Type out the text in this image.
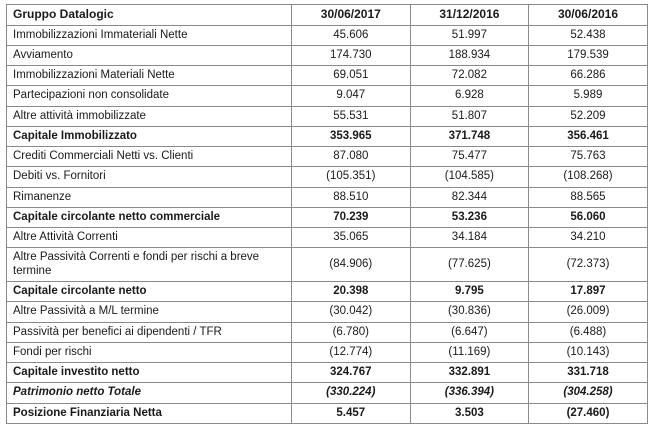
Gruppo Datalogic	30/06/2017	31/12/2016	30/06/2016
Immobilizzazioni Immateriali Nette	45.606	51.997	52.438
Avviamento	174.730	188.934	179.539
Immobilizzazioni Materiali Nette	69.051	72.082	66.286
Partecipazioni non consolidate	9.047	6.928	5.989
Altre attività immobilizzate	55.531	51.807	52.209
Capitale Immobilizzato	353.965	371.748	356.461
Crediti Commerciali Netti vs. Clienti	87.080	75.477	75.763
Debiti vs. Fornitori	(105.351)	(104.585)	(108.268)
Rimanenze	88.510	82.344	88.565
Capitale circolante netto commerciale	70.239	53.236	56.060
Altre Attività Correnti	35.065	34.184	34.210
Altre Passività Correnti e fondi per rischi a breve termine	(84.906)	(77.625)	(72.373)
Capitale circolante netto	20.398	9.795	17.897
Altre Passività a M/L termine	(30.042)	(30.836)	(26.009)
Passività per benefici ai dipendenti / TFR	(6.780)	(6.647)	(6.488)
Fondi per rischi	(12.774)	(11.169)	(10.143)
Capitale investito netto	324.767	332.891	331.718
Patrimonio netto Totale	(330.224)	(336.394)	(304.258)
Posizione Finanziaria Netta	5.457	3.503	(27.460)
